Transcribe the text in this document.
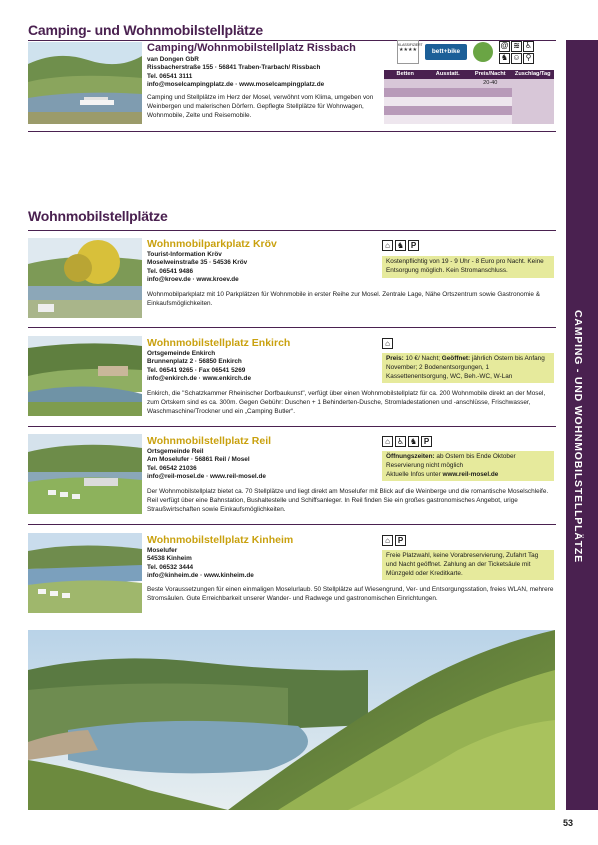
Camping- und Wohnmobilstellplätze
CAMPING - UND WOHNMOBILSTELLPLÄTZE
Camping/Wohnmobilstellplatz Rissbach
van Dongen GbR
Rissbacherstraße 155 · 56841 Traben-Trarbach/ Rissbach
Tel. 06541 3111
info@moselcampingplatz.de · www.moselcampingplatz.de
Camping und Stellplätze im Herz der Mosel, verwöhnt vom Klima, umgeben von Weinbergen und malerischen Dörfern. Gepflegte Stellplätze für Wohnwagen, Wohnmobile, Zelte und Reisemobile.
KLASSIFIZIERT
★★★★	bett+bike
@ ≋ ♿
♞ ☺ ⚲
Betten	Ausstatt.	Preis/Nacht	Zuschlag/Tag
20-40
Wohnmobilstellplätze
Wohnmobilparkplatz Kröv
Tourist-Information Kröv
Moselweinstraße 35 · 54536 Kröv
Tel. 06541 9486
info@kroev.de · www.kroev.de
⌂ ♞ P
Kostenpflichtig von 19 - 9 Uhr - 8 Euro pro Nacht. Keine Entsorgung möglich. Kein Stromanschluss.
Wohnmobilparkplatz mit 10 Parkplätzen für Wohnmobile in erster Reihe zur Mosel. Zentrale Lage, Nähe Ortszentrum sowie Gastronomie & Einkaufsmöglichkeiten.
Wohnmobilstellplatz Enkirch
Ortsgemeinde Enkirch
Brunnenplatz 2 · 56850 Enkirch
Tel. 06541 9265 · Fax 06541 5269
info@enkirch.de · www.enkirch.de
⌂
Preis: 10 €/ Nacht; Geöffnet: jährlich Ostern bis Anfang November; 2 Bodenentsorgungen, 1 Kassettenentsorgung, WC, Beh.-WC, W-Lan
Enkirch, die "Schatzkammer Rheinischer Dorfbaukunst", verfügt über einen Wohnmobilstellplatz für ca. 200 Wohnmobile direkt an der Mosel, zum Ortskern sind es ca. 300m. Gegen Gebühr: Duschen + 1 Behinderten-Dusche, Stromladestationen und -anschlüsse, Frischwasser, Waschmaschine/Trockner und ein „Camping Butler“.
Wohnmobilstellplatz Reil
Ortsgemeinde Reil
Am Moselufer · 56861 Reil / Mosel
Tel. 06542 21036
info@reil-mosel.de · www.reil-mosel.de
⌂ ♿ ♞ P
Öffnungszeiten: ab Ostern bis Ende Oktober Reservierung nicht möglich
Aktuelle Infos unter www.reil-mosel.de
Der Wohnmobilstellplatz bietet ca. 70 Stellplätze und liegt direkt am Moselufer mit Blick auf die Weinberge und die romantische Moselschleife. Reil verfügt über eine Bahnstation, Bushaltestelle und Schiffsanleger. In Reil finden Sie ein großes gastronomisches Angebot, urige Straußwirtschaften sowie Einkaufsmöglichkeiten.
Wohnmobilstellplatz Kinheim
Moselufer
54538 Kinheim
Tel. 06532 3444
info@kinheim.de · www.kinheim.de
⌂ P
Freie Platzwahl, keine Vorabreservierung, Zufahrt Tag und Nacht geöffnet. Zahlung an der Ticketsäule mit Münzgeld oder Kreditkarte.
Beste Voraussetzungen für einen einmaligen Moselurlaub. 50 Stellplätze auf Wiesengrund, Ver- und Entsorgungsstation, freies WLAN, mehrere Stromsäulen. Gute Erreichbarkeit unserer Wander- und Radwege und gastronomischen Einrichtungen.
53
